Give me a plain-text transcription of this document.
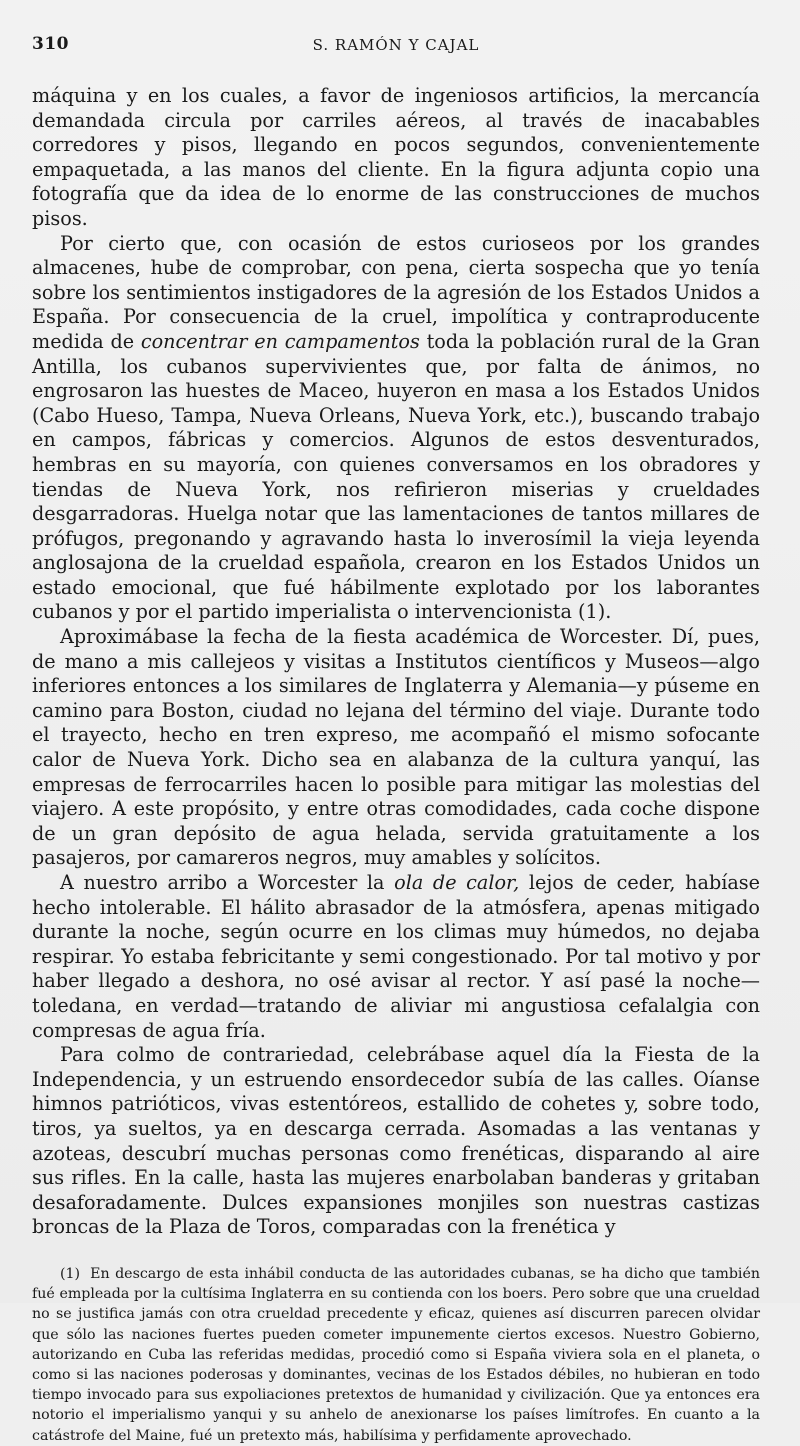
310	S. RAMÓN Y CAJAL

máquina y en los cuales, a favor de ingeniosos artificios, la mercancía demandada circula por carriles aéreos, al través de inacabables corredores y pisos, llegando en pocos segundos, convenientemente empaquetada, a las manos del cliente. En la figura adjunta copio una fotografía que da idea de lo enorme de las construcciones de muchos pisos.

Por cierto que, con ocasión de estos curioseos por los grandes almacenes, hube de comprobar, con pena, cierta sospecha que yo tenía sobre los sentimientos instigadores de la agresión de los Estados Unidos a España. Por consecuencia de la cruel, impolítica y contraproducente medida de concentrar en campamentos toda la población rural de la Gran Antilla, los cubanos supervivientes que, por falta de ánimos, no engrosaron las huestes de Maceo, huyeron en masa a los Estados Unidos (Cabo Hueso, Tampa, Nueva Orleans, Nueva York, etc.), buscando trabajo en campos, fábricas y comercios. Algunos de estos desventurados, hembras en su mayoría, con quienes conversamos en los obradores y tiendas de Nueva York, nos refirieron miserias y crueldades desgarradoras. Huelga notar que las lamentaciones de tantos millares de prófugos, pregonando y agravando hasta lo inverosímil la vieja leyenda anglosajona de la crueldad española, crearon en los Estados Unidos un estado emocional, que fué hábilmente explotado por los laborantes cubanos y por el partido imperialista o intervencionista (1).

Aproximábase la fecha de la fiesta académica de Worcester. Dí, pues, de mano a mis callejeos y visitas a Institutos científicos y Museos—algo inferiores entonces a los similares de Inglaterra y Alemania—y púseme en camino para Boston, ciudad no lejana del término del viaje. Durante todo el trayecto, hecho en tren expreso, me acompañó el mismo sofocante calor de Nueva York. Dicho sea en alabanza de la cultura yanquí, las empresas de ferrocarriles hacen lo posible para mitigar las molestias del viajero. A este propósito, y entre otras comodidades, cada coche dispone de un gran depósito de agua helada, servida gratuitamente a los pasajeros, por camareros negros, muy amables y solícitos.

A nuestro arribo a Worcester la ola de calor, lejos de ceder, habíase hecho intolerable. El hálito abrasador de la atmósfera, apenas mitigado durante la noche, según ocurre en los climas muy húmedos, no dejaba respirar. Yo estaba febricitante y semi congestionado. Por tal motivo y por haber llegado a deshora, no osé avisar al rector. Y así pasé la noche—toledana, en verdad—tratando de aliviar mi angustiosa cefalalgia con compresas de agua fría.

Para colmo de contrariedad, celebrábase aquel día la Fiesta de la Independencia, y un estruendo ensordecedor subía de las calles. Oíanse himnos patrióticos, vivas estentóreos, estallido de cohetes y, sobre todo, tiros, ya sueltos, ya en descarga cerrada. Asomadas a las ventanas y azoteas, descubrí muchas personas como frenéticas, disparando al aire sus rifles. En la calle, hasta las mujeres enarbolaban banderas y gritaban desaforadamente. Dulces expansiones monjiles son nuestras castizas broncas de la Plaza de Toros, comparadas con la frenética y

(1) En descargo de esta inhábil conducta de las autoridades cubanas, se ha dicho que también fué empleada por la cultísima Inglaterra en su contienda con los boers. Pero sobre que una crueldad no se justifica jamás con otra crueldad precedente y eficaz, quienes así discurren parecen olvidar que sólo las naciones fuertes pueden cometer impunemente ciertos excesos. Nuestro Gobierno, autorizando en Cuba las referidas medidas, procedió como si España viviera sola en el planeta, o como si las naciones poderosas y dominantes, vecinas de los Estados débiles, no hubieran en todo tiempo invocado para sus expoliaciones pretextos de humanidad y civilización. Que ya entonces era notorio el imperialismo yanqui y su anhelo de anexionarse los países limítrofes. En cuanto a la catástrofe del Maine, fué un pretexto más, habilísima y perfidamente aprovechado.
